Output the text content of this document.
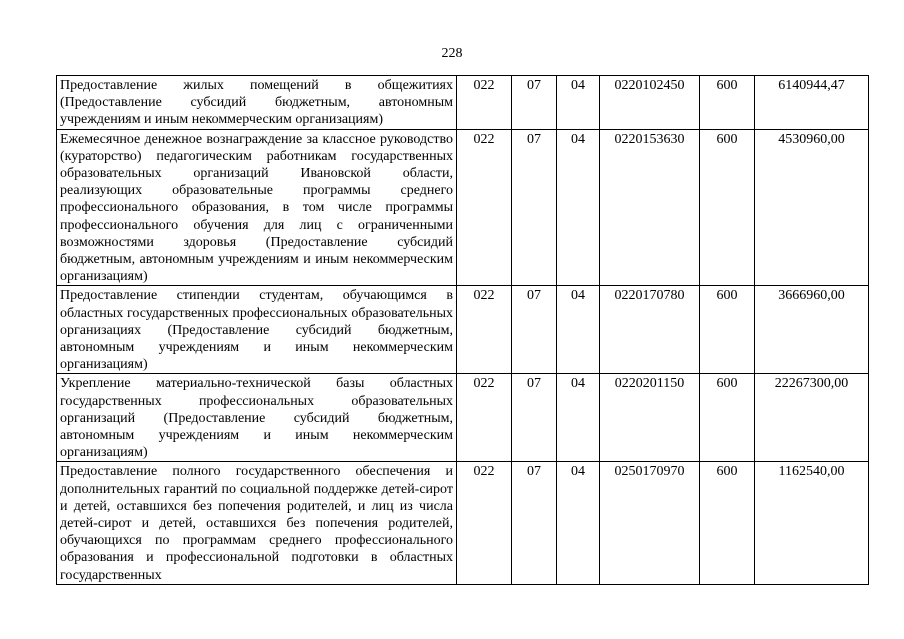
228
Предоставление жилых помещений в общежитиях (Предоставление субсидий бюджетным, автономным учреждениям и иным некоммерческим организациям)	022	07	04	0220102450	600	6140944,47
Ежемесячное денежное вознаграждение за классное руководство (кураторство) педагогическим работникам государственных образовательных организаций Ивановской области, реализующих образовательные программы среднего профессионального образования, в том числе программы профессионального обучения для лиц с ограниченными возможностями здоровья (Предоставление субсидий бюджетным, автономным учреждениям и иным некоммерческим организациям)	022	07	04	0220153630	600	4530960,00
Предоставление стипендии студентам, обучающимся в областных государственных профессиональных образовательных организациях (Предоставление субсидий бюджетным, автономным учреждениям и иным некоммерческим организациям)	022	07	04	0220170780	600	3666960,00
Укрепление материально-технической базы областных государственных профессиональных образовательных организаций (Предоставление субсидий бюджетным, автономным учреждениям и иным некоммерческим организациям)	022	07	04	0220201150	600	22267300,00
Предоставление полного государственного обеспечения и дополнительных гарантий по социальной поддержке детей-сирот и детей, оставшихся без попечения родителей, и лиц из числа детей-сирот и детей, оставшихся без попечения родителей, обучающихся по программам среднего профессионального образования и профессиональной подготовки в областных государственных	022	07	04	0250170970	600	1162540,00
